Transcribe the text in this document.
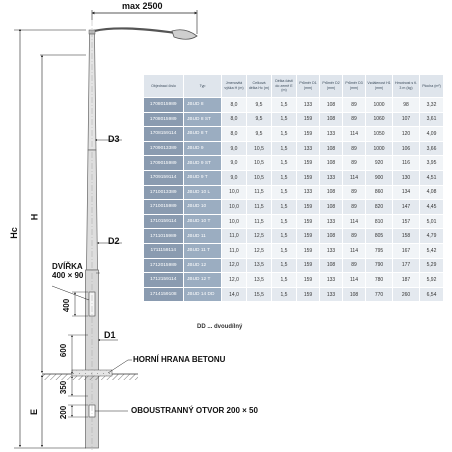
max 2500
D3
D2
D1
Hc
H
E
DVÍŘKA
400 × 90
400
600
350
200
HORNÍ HRANA BETONU
OBOUSTRANNÝ OTVOR 200 × 50
Objednací číslo	Typ	Jmenovitá výška H (m)	Celková délka Hc (m)	Délka části do země E (m)	Průměr D1 (mm)	Průměr D2 (mm)	Průměr D3 (mm)	Vzdálenost H1 (mm)	Hmotnost s tl. 3 m (kg)	Plocha (m²)
1708015989	JBUD 8	8,0	9,5	1,5	133	108	89	1000	98	3,32
1708015989	JBUD 8 ST	8,0	9,5	1,5	159	108	89	1060	107	3,61
1708159114	JBUD 8 T	8,0	9,5	1,5	159	133	114	1050	120	4,09
1709013389	JBUD 9	9,0	10,5	1,5	133	108	89	1000	106	3,66
1709015989	JBUD 9 ST	9,0	10,5	1,5	159	108	89	920	116	3,95
1709159114	JBUD 9 T	9,0	10,5	1,5	159	133	114	900	130	4,51
1710013389	JBUD 10 L	10,0	11,5	1,5	133	108	89	860	134	4,08
1710015989	JBUD 10	10,0	11,5	1,5	159	108	89	820	147	4,45
1710159114	JBUD 10 T	10,0	11,5	1,5	159	133	114	810	157	5,01
1711015989	JBUD 11	11,0	12,5	1,5	159	108	89	805	158	4,79
1711159114	JBUD 11 T	11,0	12,5	1,5	159	133	114	795	167	5,42
1712015989	JBUD 12	12,0	13,5	1,5	159	108	89	790	177	5,29
1712159114	JBUD 12 T	12,0	13,5	1,5	159	133	114	780	187	5,92
1714159108	JBUD 14 DD	14,0	15,5	1,5	159	133	108	770	260	6,54
DD ... dvoudílný
